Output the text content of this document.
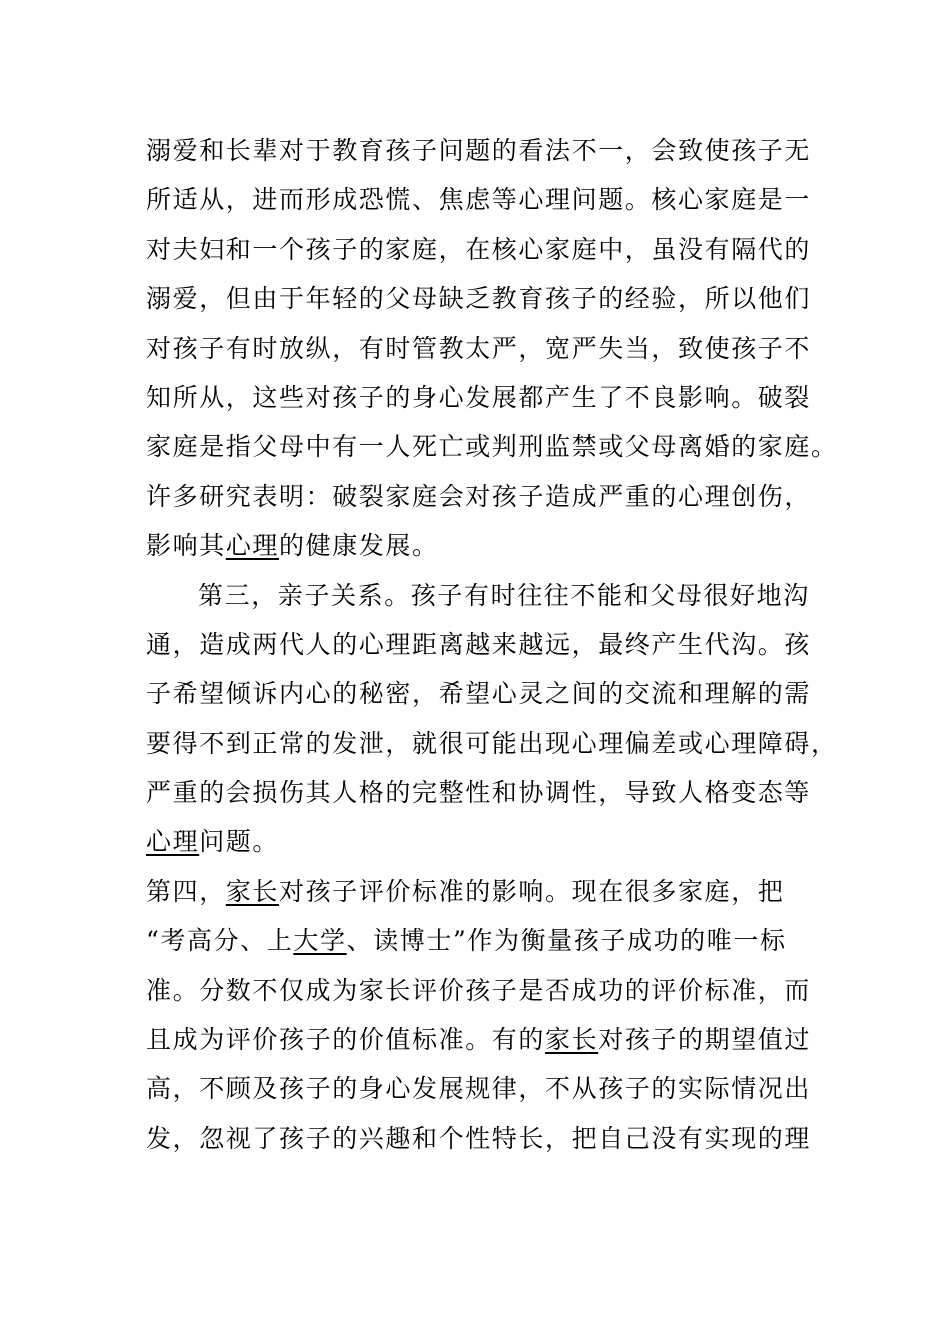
溺爱和长辈对于教育孩子问题的看法不一，会致使孩子无
所适从，进而形成恐慌、焦虑等心理问题。核心家庭是一
对夫妇和一个孩子的家庭，在核心家庭中，虽没有隔代的
溺爱，但由于年轻的父母缺乏教育孩子的经验，所以他们
对孩子有时放纵，有时管教太严，宽严失当，致使孩子不
知所从，这些对孩子的身心发展都产生了不良影响。破裂
家庭是指父母中有一人死亡或判刑监禁或父母离婚的家庭。
许多研究表明：破裂家庭会对孩子造成严重的心理创伤，
影响其心理的健康发展。
第三，亲子关系。孩子有时往往不能和父母很好地沟
通，造成两代人的心理距离越来越远，最终产生代沟。孩
子希望倾诉内心的秘密，希望心灵之间的交流和理解的需
要得不到正常的发泄，就很可能出现心理偏差或心理障碍，
严重的会损伤其人格的完整性和协调性，导致人格变态等
心理问题。
第四，家长对孩子评价标准的影响。现在很多家庭，把
“考高分、上大学、读博士”作为衡量孩子成功的唯一标
准。分数不仅成为家长评价孩子是否成功的评价标准，而
且成为评价孩子的价值标准。有的家长对孩子的期望值过
高，不顾及孩子的身心发展规律，不从孩子的实际情况出
发，忽视了孩子的兴趣和个性特长，把自己没有实现的理
